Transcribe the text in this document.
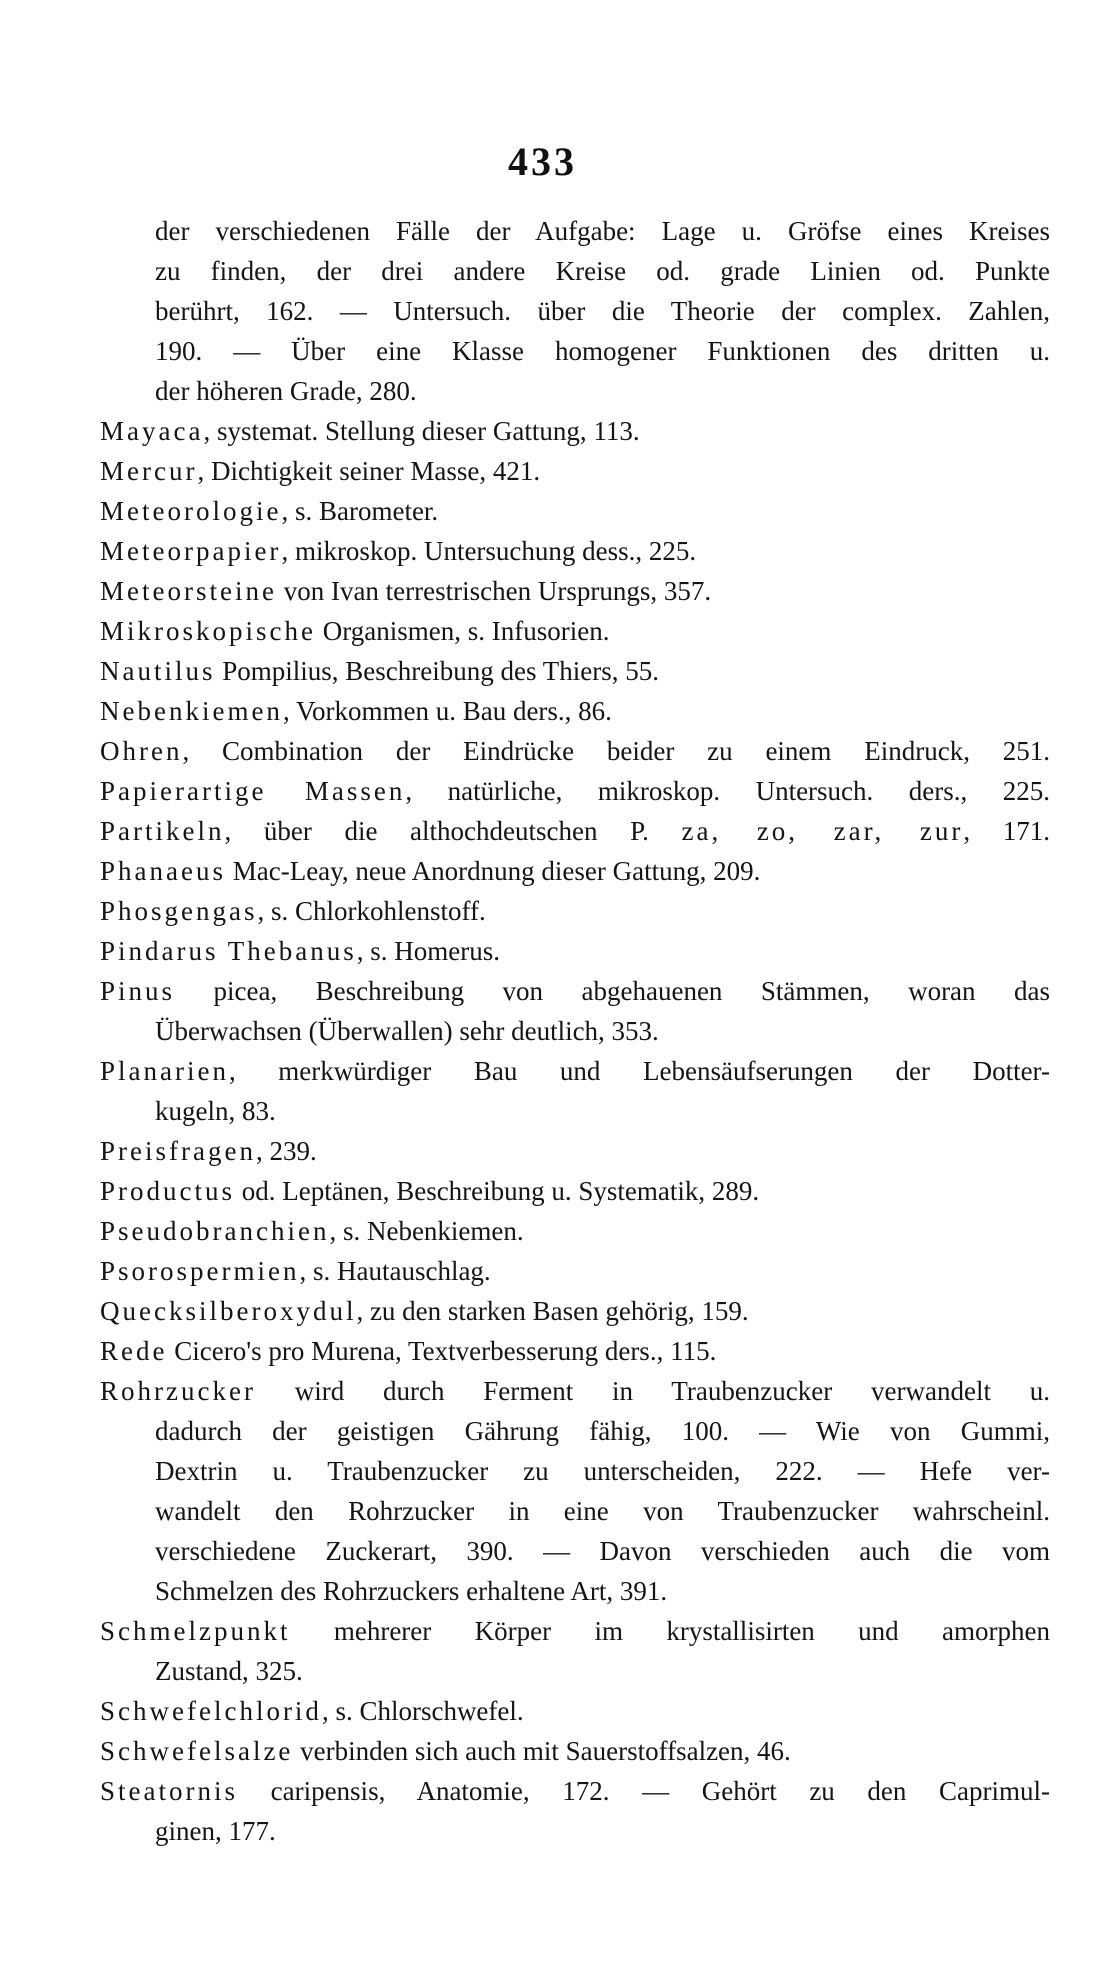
433
der verschiedenen Fälle der Aufgabe: Lage u. Gröfse eines Kreises
zu finden, der drei andere Kreise od. grade Linien od. Punkte
berührt, 162. — Untersuch. über die Theorie der complex. Zahlen,
190. — Über eine Klasse homogener Funktionen des dritten u.
der höheren Grade, 280.
Mayaca, systemat. Stellung dieser Gattung, 113.
Mercur, Dichtigkeit seiner Masse, 421.
Meteorologie, s. Barometer.
Meteorpapier, mikroskop. Untersuchung dess., 225.
Meteorsteine von Ivan terrestrischen Ursprungs, 357.
Mikroskopische Organismen, s. Infusorien.
Nautilus Pompilius, Beschreibung des Thiers, 55.
Nebenkiemen, Vorkommen u. Bau ders., 86.
Ohren, Combination der Eindrücke beider zu einem Eindruck, 251.
Papierartige Massen, natürliche, mikroskop. Untersuch. ders., 225.
Partikeln, über die althochdeutschen P. za, zo, zar, zur, 171.
Phanaeus Mac-Leay, neue Anordnung dieser Gattung, 209.
Phosgengas, s. Chlorkohlenstoff.
Pindarus Thebanus, s. Homerus.
Pinus picea, Beschreibung von abgehauenen Stämmen, woran das
Überwachsen (Überwallen) sehr deutlich, 353.
Planarien, merkwürdiger Bau und Lebensäufserungen der Dotter-
kugeln, 83.
Preisfragen, 239.
Productus od. Leptänen, Beschreibung u. Systematik, 289.
Pseudobranchien, s. Nebenkiemen.
Psorospermien, s. Hautauschlag.
Quecksilberoxydul, zu den starken Basen gehörig, 159.
Rede Cicero's pro Murena, Textverbesserung ders., 115.
Rohrzucker wird durch Ferment in Traubenzucker verwandelt u.
dadurch der geistigen Gährung fähig, 100. — Wie von Gummi,
Dextrin u. Traubenzucker zu unterscheiden, 222. — Hefe ver-
wandelt den Rohrzucker in eine von Traubenzucker wahrscheinl.
verschiedene Zuckerart, 390. — Davon verschieden auch die vom
Schmelzen des Rohrzuckers erhaltene Art, 391.
Schmelzpunkt mehrerer Körper im krystallisirten und amorphen
Zustand, 325.
Schwefelchlorid, s. Chlorschwefel.
Schwefelsalze verbinden sich auch mit Sauerstoffsalzen, 46.
Steatornis caripensis, Anatomie, 172. — Gehört zu den Caprimul-
ginen, 177.
